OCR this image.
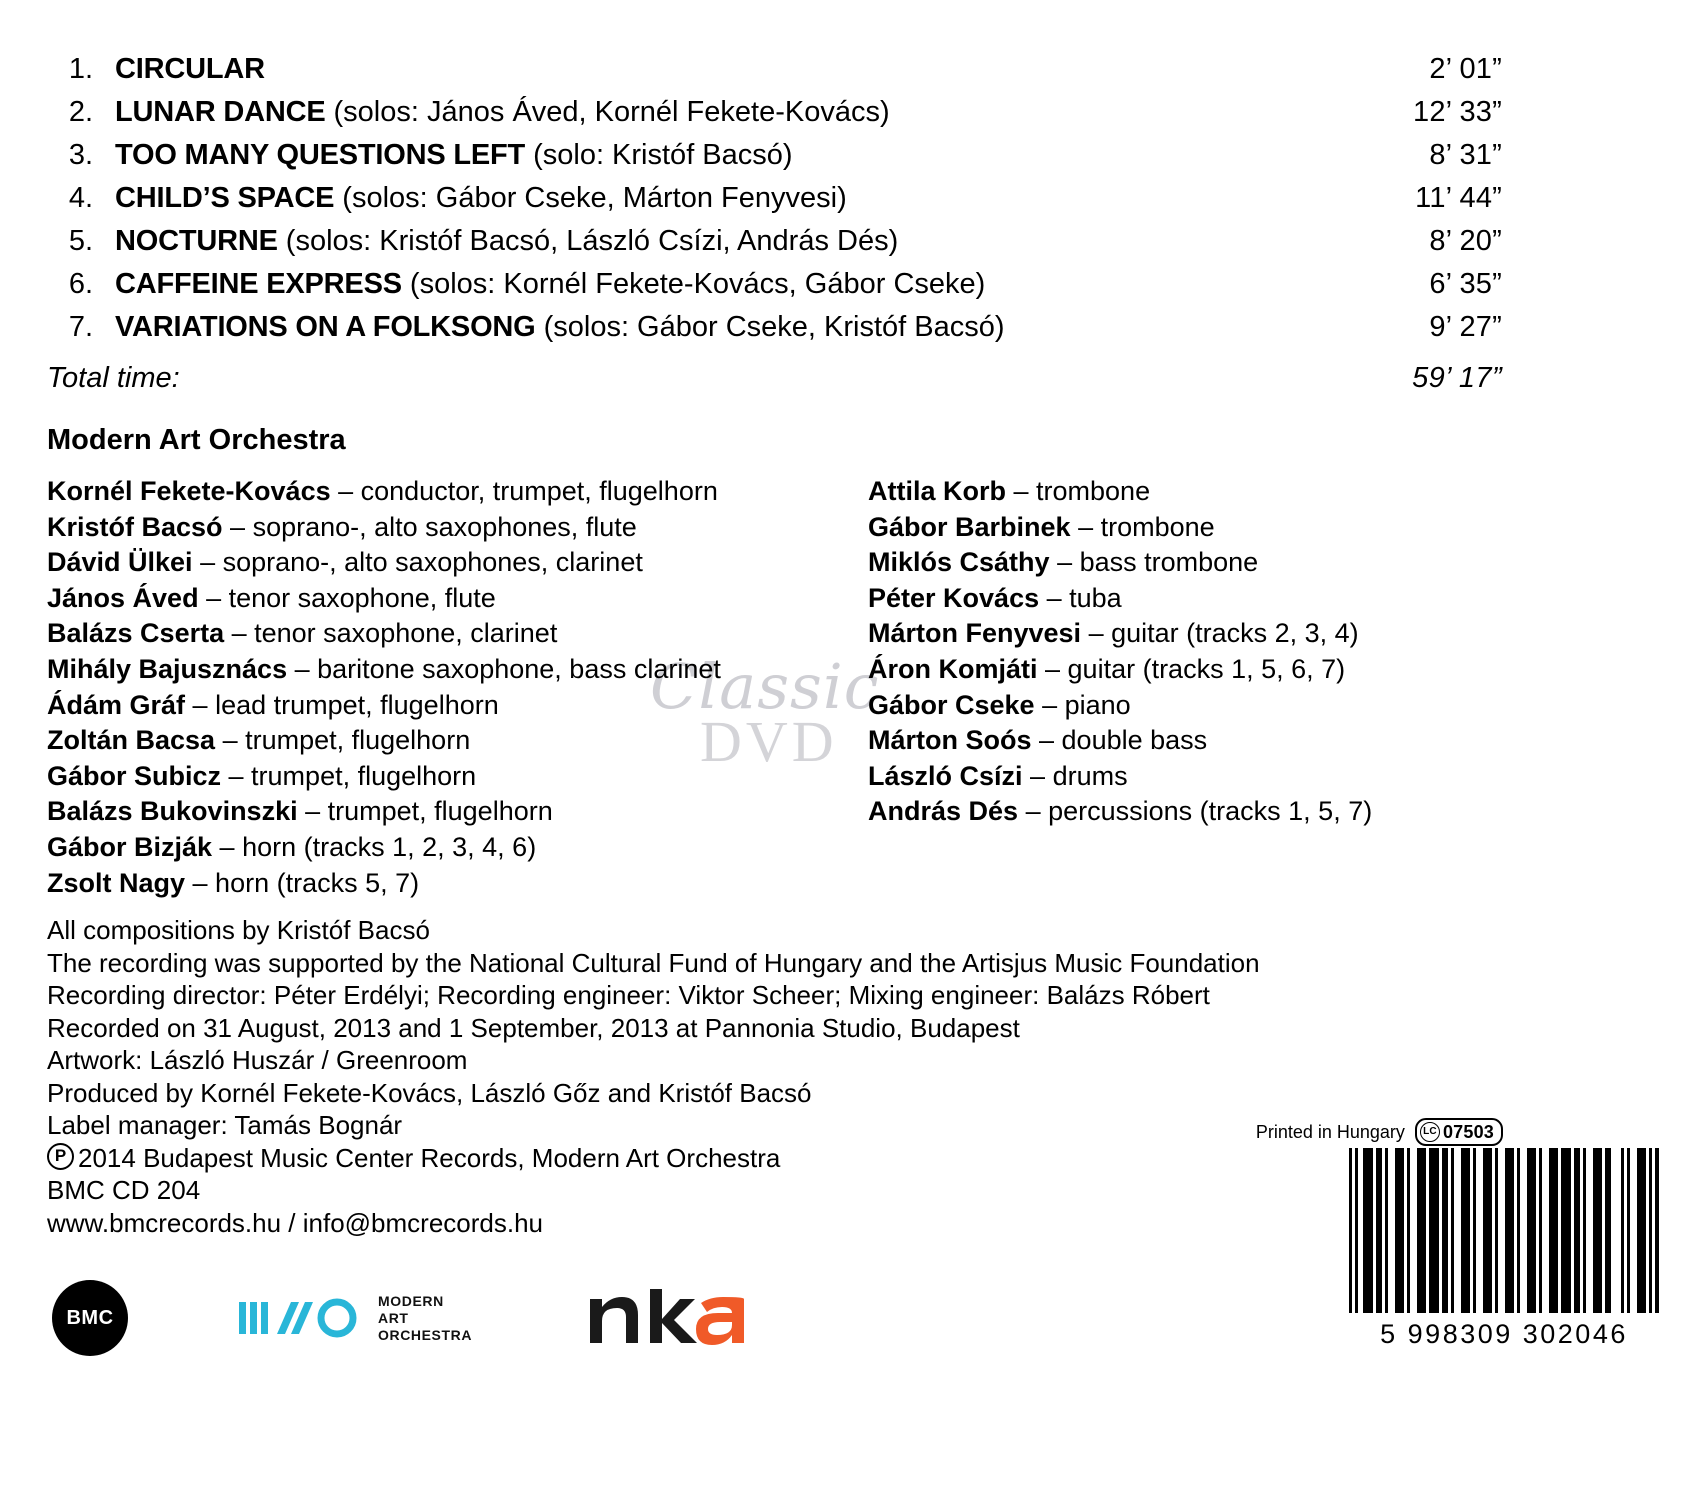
Classic
DVD
1. CIRCULAR	2’ 01”
2. LUNAR DANCE (solos: János Áved, Kornél Fekete-Kovács)	12’ 33”
3. TOO MANY QUESTIONS LEFT (solo: Kristóf Bacsó)	8’ 31”
4. CHILD’S SPACE (solos: Gábor Cseke, Márton Fenyvesi)	11’ 44”
5. NOCTURNE (solos: Kristóf Bacsó, László Csízi, András Dés)	8’ 20”
6. CAFFEINE EXPRESS (solos: Kornél Fekete-Kovács, Gábor Cseke)	6’ 35”
7. VARIATIONS ON A FOLKSONG (solos: Gábor Cseke, Kristóf Bacsó)	9’ 27”
Total time:	59’ 17”
Modern Art Orchestra
Kornél Fekete-Kovács – conductor, trumpet, flugelhorn
Kristóf Bacsó – soprano-, alto saxophones, flute
Dávid Ülkei – soprano-, alto saxophones, clarinet
János Áved – tenor saxophone, flute
Balázs Cserta – tenor saxophone, clarinet
Mihály Bajusznács – baritone saxophone, bass clarinet
Ádám Gráf – lead trumpet, flugelhorn
Zoltán Bacsa – trumpet, flugelhorn
Gábor Subicz – trumpet, flugelhorn
Balázs Bukovinszki – trumpet, flugelhorn
Gábor Bizják – horn (tracks 1, 2, 3, 4, 6)
Zsolt Nagy – horn (tracks 5, 7)
Attila Korb – trombone
Gábor Barbinek – trombone
Miklós Csáthy – bass trombone
Péter Kovács – tuba
Márton Fenyvesi – guitar (tracks 2, 3, 4)
Áron Komjáti – guitar (tracks 1, 5, 6, 7)
Gábor Cseke – piano
Márton Soós – double bass
László Csízi – drums
András Dés – percussions (tracks 1, 5, 7)
All compositions by Kristóf Bacsó
The recording was supported by the National Cultural Fund of Hungary and the Artisjus Music Foundation
Recording director: Péter Erdélyi; Recording engineer: Viktor Scheer; Mixing engineer: Balázs Róbert
Recorded on 31 August, 2013 and 1 September, 2013 at Pannonia Studio, Budapest
Artwork: László Huszár / Greenroom
Produced by Kornél Fekete-Kovács, László Gőz and Kristóf Bacsó
Label manager: Tamás Bognár
P2014 Budapest Music Center Records, Modern Art Orchestra
BMC CD 204
www.bmcrecords.hu / info@bmcrecords.hu
Printed in Hungary LC 07503
5 998309 302046
BMC
MODERN
ART
ORCHESTRA
